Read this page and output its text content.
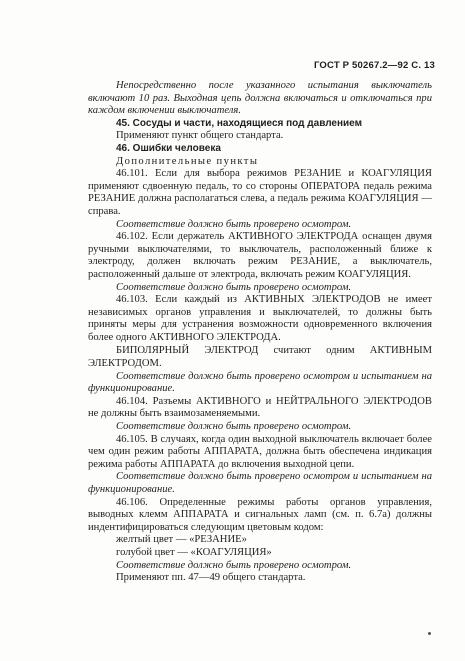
ГОСТ Р 50267.2—92 С. 13

Непосредственно после указанного испытания выключатель включают 10 раз. Выходная цепь должна включаться и отключаться при каждом включении выключателя.

45. Сосуды и части, находящиеся под давлением

Применяют пункт общего стандарта.

46. Ошибки человека

Дополнительные пункты

46.101. Если для выбора режимов РЕЗАНИЕ и КОАГУЛЯЦИЯ применяют сдвоенную педаль, то со стороны ОПЕРАТОРА педаль режима РЕЗАНИЕ должна располагаться слева, а педаль режима КОАГУЛЯЦИЯ — справа.

Соответствие должно быть проверено осмотром.

46.102. Если держатель АКТИВНОГО ЭЛЕКТРОДА оснащен двумя ручными выключателями, то выключатель, расположенный ближе к электроду, должен включать режим РЕЗАНИЕ, а выключатель, расположенный дальше от электрода, включать режим КОАГУЛЯЦИЯ.

Соответствие должно быть проверено осмотром.

46.103. Если каждый из АКТИВНЫХ ЭЛЕКТРОДОВ не имеет независимых органов управления и выключателей, то должны быть приняты меры для устранения возможности одновременного включения более одного АКТИВНОГО ЭЛЕКТРОДА.

БИПОЛЯРНЫЙ ЭЛЕКТРОД считают одним АКТИВНЫМ ЭЛЕКТРОДОМ.

Соответствие должно быть проверено осмотром и испытанием на функционирование.

46.104. Разъемы АКТИВНОГО и НЕЙТРАЛЬНОГО ЭЛЕКТРОДОВ не должны быть взаимозаменяемыми.

Соответствие должно быть проверено осмотром.

46.105. В случаях, когда один выходной выключатель включает более чем один режим работы АППАРАТА, должна быть обеспечена индикация режима работы АППАРАТА до включения выходной цепи.

Соответствие должно быть проверено осмотром и испытанием на функционирование.

46.106. Определенные режимы работы органов управления, выводных клемм АППАРАТА и сигнальных ламп (см. п. 6.7а) должны индентифицироваться следующим цветовым кодом:

желтый цвет — «РЕЗАНИЕ»

голубой цвет — «КОАГУЛЯЦИЯ»

Соответствие должно быть проверено осмотром.

Применяют пп. 47—49 общего стандарта.
